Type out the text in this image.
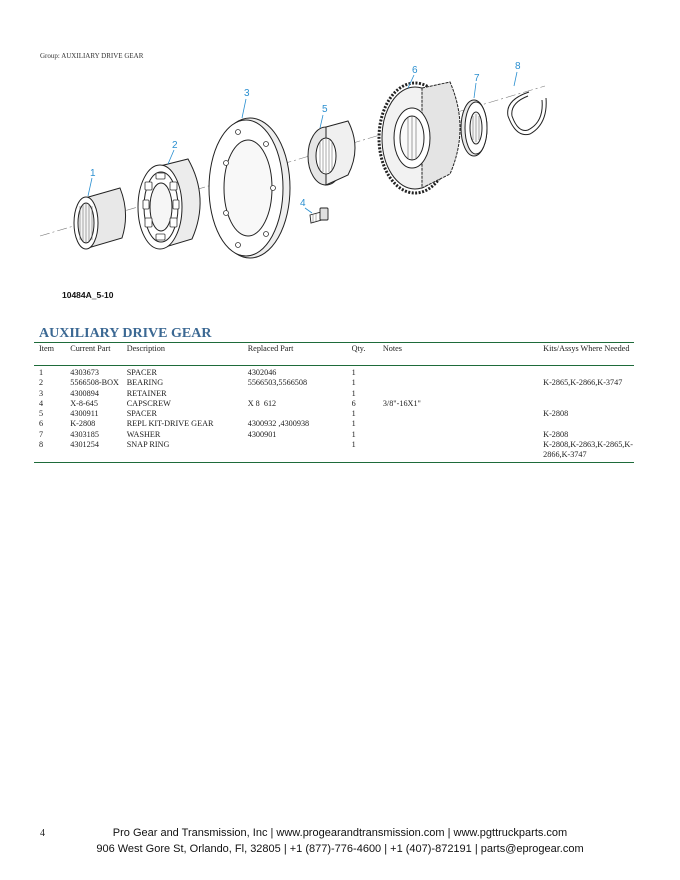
Group: AUXILIARY DRIVE GEAR
1
2
3
4
5
6
7
8
10484A‗5-10
AUXILIARY DRIVE GEAR
Item	Current Part	Description	Replaced Part	Qty.	Notes	Kits/Assys Where Needed
1	4303673	SPACER	4302046	1		
2	5566508-BOX	BEARING	5566503,5566508	1		K-2865,K-2866,K-3747
3	4300894	RETAINER		1		
4	X-8-645	CAPSCREW	X 8  612	6	3/8"-16X1"	
5	4300911	SPACER		1		K-2808
6	K-2808	REPL KIT-DRIVE GEAR	4300932 ,4300938	1		
7	4303185	WASHER	4300901	1		K-2808
8	4301254	SNAP RING		1		K-2808,K-2863,K-2865,K-2866,K-3747
4	Pro Gear and Transmission, Inc | www.progearandtransmission.com | www.pgttruckparts.com
906 West Gore St, Orlando, Fl, 32805 | +1 (877)-776-4600 | +1 (407)-872191 | parts@eprogear.com
